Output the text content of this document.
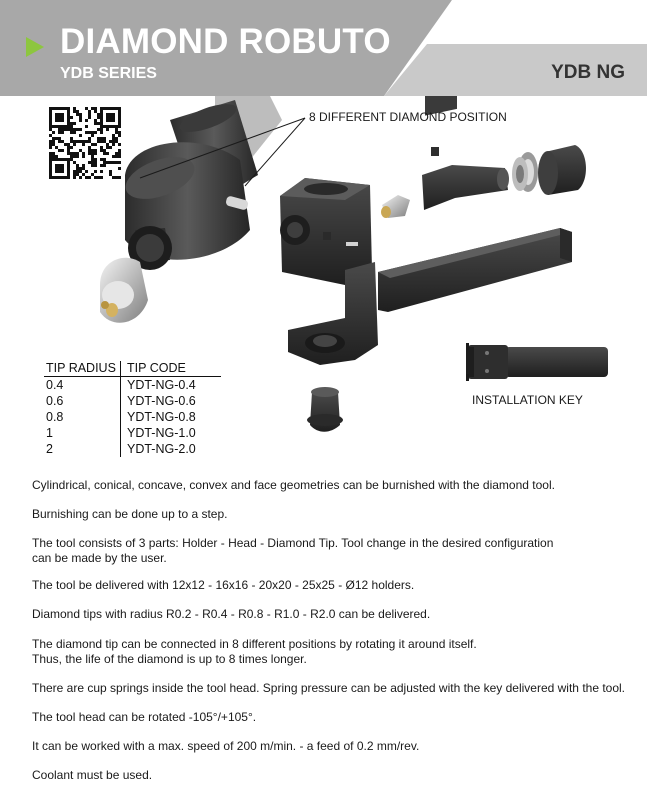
DIAMOND ROBUTO
YDB SERIES	YDB NG
8 DIFFERENT DIAMOND POSITION
INSTALLATION KEY
TIP RADIUS	TIP CODE
0.4	YDT-NG-0.4
0.6	YDT-NG-0.6
0.8	YDT-NG-0.8
1	YDT-NG-1.0
2	YDT-NG-2.0

Cylindrical, conical, concave, convex and face geometries can be burnished with the diamond tool.

Burnishing can be done up to a step.

The tool consists of 3 parts: Holder - Head - Diamond Tip. Tool change in the desired configuration
can be made by the user.

The tool be delivered with 12x12 - 16x16 - 20x20 - 25x25 - Ø12 holders.

Diamond tips with radius R0.2 - R0.4 - R0.8 - R1.0 - R2.0 can be delivered.

The diamond tip can be connected in 8 different positions by rotating it around itself.
Thus, the life of the diamond is up to 8 times longer.

There are cup springs inside the tool head. Spring pressure can be adjusted with the key delivered with the tool.

The tool head can be rotated -105°/+105°.

It can be worked with a max. speed of 200 m/min. - a feed of 0.2 mm/rev.

Coolant must be used.
